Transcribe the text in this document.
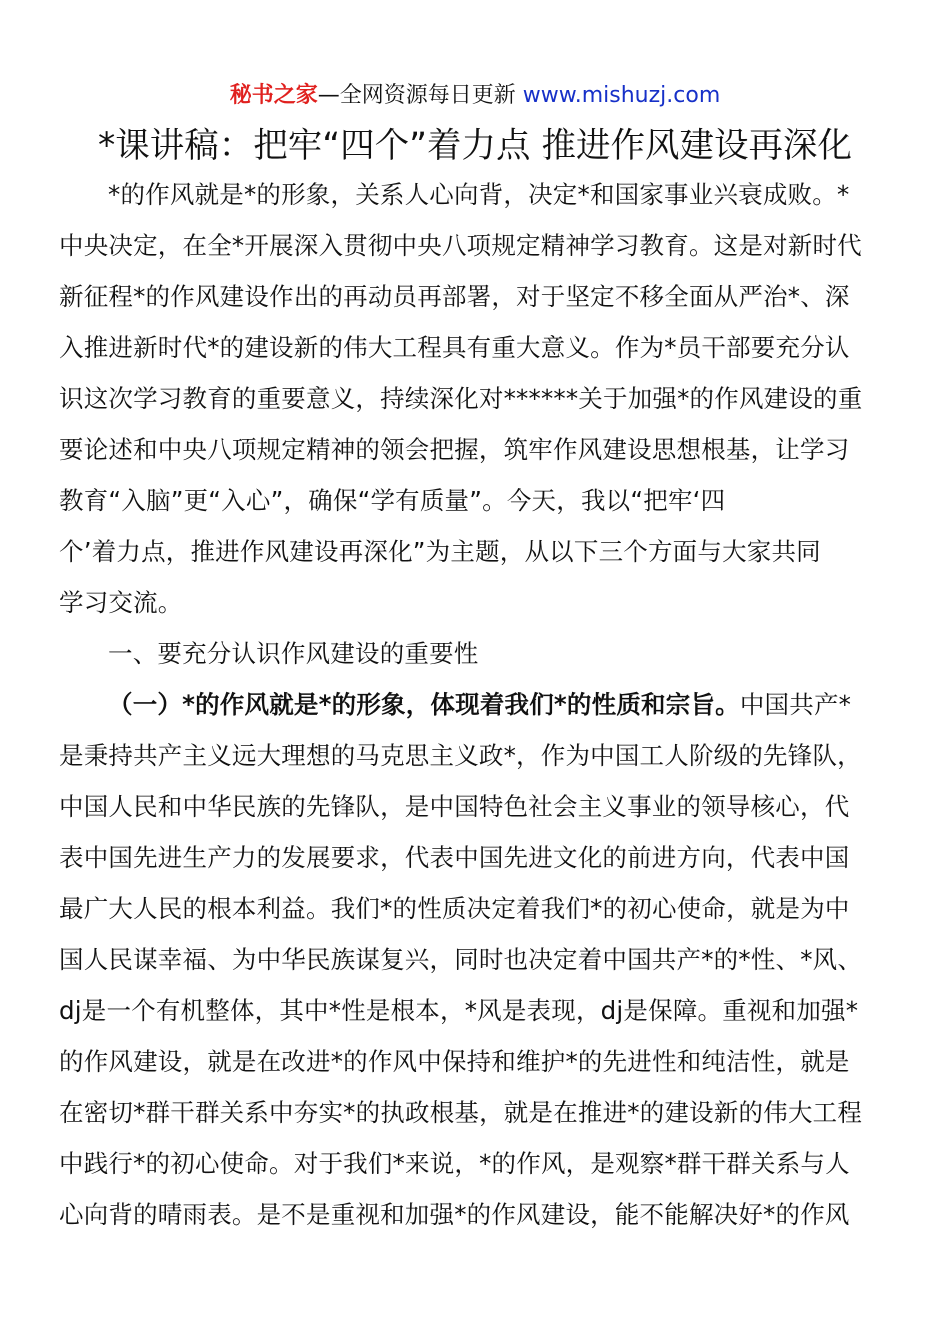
秘书之家—全网资源每日更新 www.mishuzj.com
*课讲稿：把牢“四个”着力点 推进作风建设再深化
*的作风就是*的形象，关系人心向背，决定*和国家事业兴衰成败。*
中央决定，在全*开展深入贯彻中央八项规定精神学习教育。这是对新时代
新征程*的作风建设作出的再动员再部署，对于坚定不移全面从严治*、深
入推进新时代*的建设新的伟大工程具有重大意义。作为*员干部要充分认
识这次学习教育的重要意义，持续深化对******关于加强*的作风建设的重
要论述和中央八项规定精神的领会把握，筑牢作风建设思想根基，让学习
教育“入脑”更“入心”，确保“学有质量”。今天，我以“把牢‘四
个’着力点，推进作风建设再深化”为主题，从以下三个方面与大家共同
学习交流。
一、要充分认识作风建设的重要性
（一）*的作风就是*的形象，体现着我们*的性质和宗旨。中国共产*
是秉持共产主义远大理想的马克思主义政*，作为中国工人阶级的先锋队，
中国人民和中华民族的先锋队，是中国特色社会主义事业的领导核心，代
表中国先进生产力的发展要求，代表中国先进文化的前进方向，代表中国
最广大人民的根本利益。我们*的性质决定着我们*的初心使命，就是为中
国人民谋幸福、为中华民族谋复兴，同时也决定着中国共产*的*性、*风、
dj是一个有机整体，其中*性是根本，*风是表现，dj是保障。重视和加强*
的作风建设，就是在改进*的作风中保持和维护*的先进性和纯洁性，就是
在密切*群干群关系中夯实*的执政根基，就是在推进*的建设新的伟大工程
中践行*的初心使命。对于我们*来说，*的作风，是观察*群干群关系与人
心向背的晴雨表。是不是重视和加强*的作风建设，能不能解决好*的作风
